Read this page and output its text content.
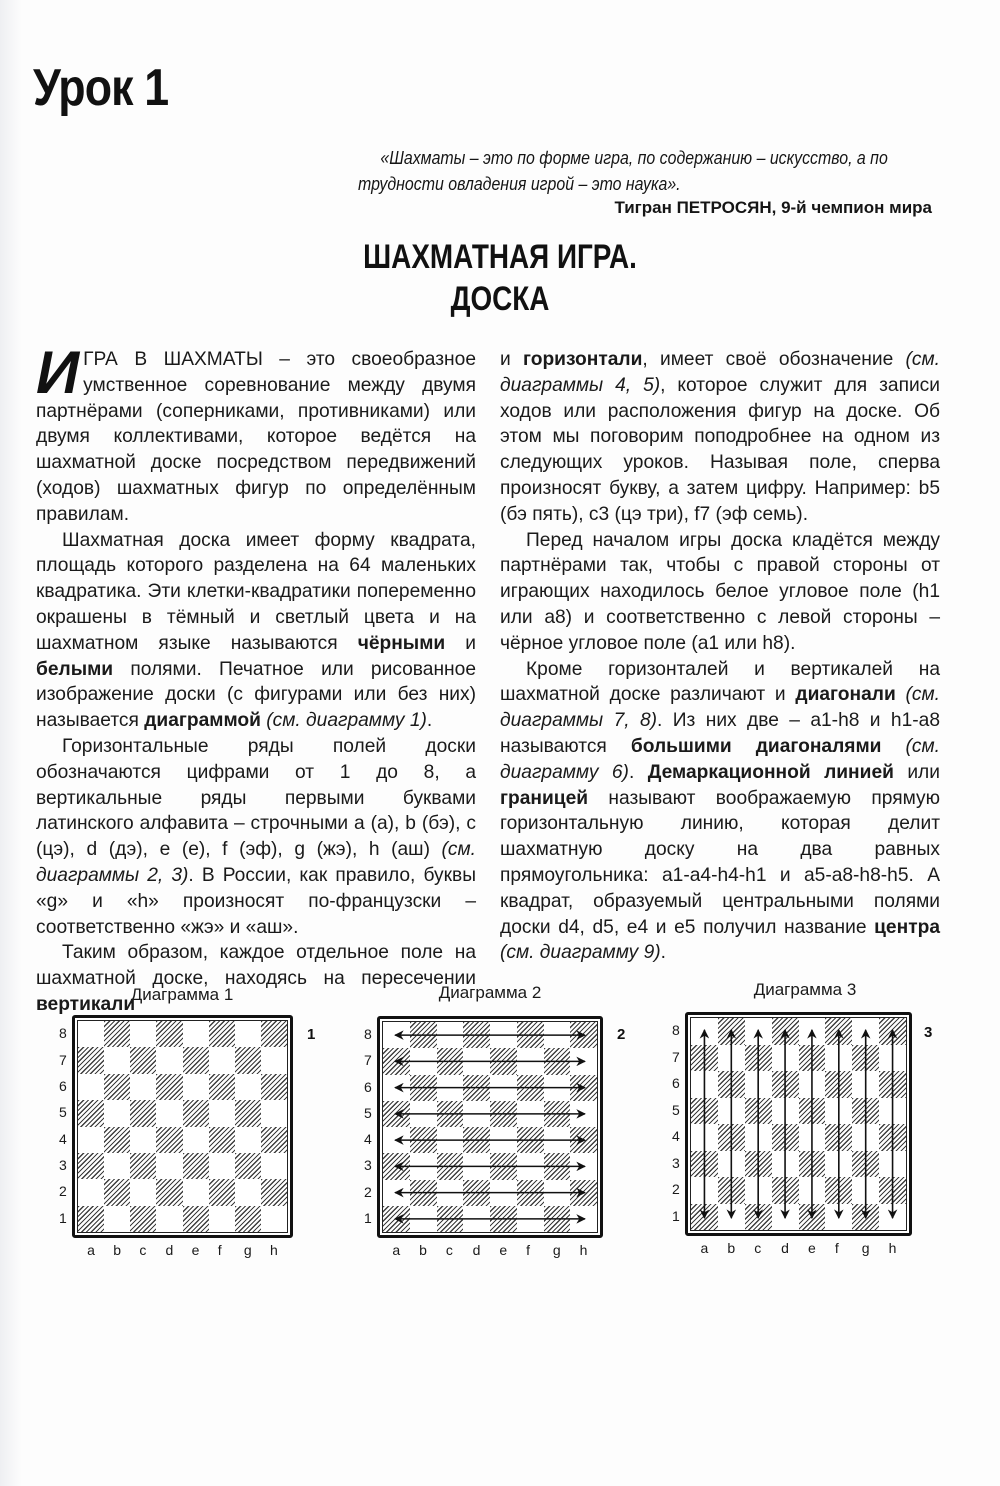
Урок 1
«Шахматы – это по форме игра, по содержанию – искусство, а по трудности овладения игрой – это наука».
Тигран ПЕТРОСЯН, 9-й чемпион мира
ШАХМАТНАЯ ИГРА.
ДОСКА

ИГРА В ШАХМАТЫ – это своеобразное умственное соревнование между двумя партнёрами (соперниками, противниками) или двумя коллективами, которое ведётся на шахматной доске посредством передвижений (ходов) шахматных фигур по определённым правилам.

Шахматная доска имеет форму квадрата, площадь которого разделена на 64 маленьких квадратика. Эти клетки-квадратики попеременно окрашены в тёмный и светлый цвета и на шахматном языке называются чёрными и белыми полями. Печатное или рисованное изображение доски (с фигурами или без них) называется диаграммой (см. диаграмму 1).

Горизонтальные ряды полей доски обозначаются цифрами от 1 до 8, а вертикальные ряды первыми буквами латинского алфавита – строчными a (а), b (бэ), c (цэ), d (дэ), e (е), f (эф), g (жэ), h (аш) (см. диаграммы 2, 3). В России, как правило, буквы «g» и «h» произносят по-французски – соответственно «жэ» и «аш».

Таким образом, каждое отдельное поле на шахматной доске, находясь на пересечении вертикали

и горизонтали, имеет своё обозначение (см. диаграммы 4, 5), которое служит для записи ходов или расположения фигур на доске. Об этом мы поговорим поподробнее на одном из следующих уроков. Называя поле, сперва произносят букву, а затем цифру. Например: b5 (бэ пять), c3 (цэ три), f7 (эф семь).

Перед началом игры доска кладётся между партнёрами так, чтобы с правой стороны от играющих находилось белое угловое поле (h1 или a8) и соответственно с левой стороны – чёрное угловое поле (a1 или h8).

Кроме горизонталей и вертикалей на шахматной доске различают и диагонали (см. диаграммы 7, 8). Из них две – a1-h8 и h1-a8 называются большими диагоналями (см. диаграмму 6). Демаркационной линией или границей называют воображаемую прямую горизонтальную линию, которая делит шахматную доску на два равных прямоугольника: a1-a4-h4-h1 и a5-a8-h8-h5. А квадрат, образуемый центральными полями доски d4, d5, e4 и e5 получил название центра (см. диаграмму 9).

Диаграмма 1
1
8
7
6
5
4
3
2
1
a b c d e f g h
Диаграмма 2
2
8
7
6
5
4
3
2
1
a b c d e f g h
Диаграмма 3
3
8
7
6
5
4
3
2
1
a b c d e f g h
